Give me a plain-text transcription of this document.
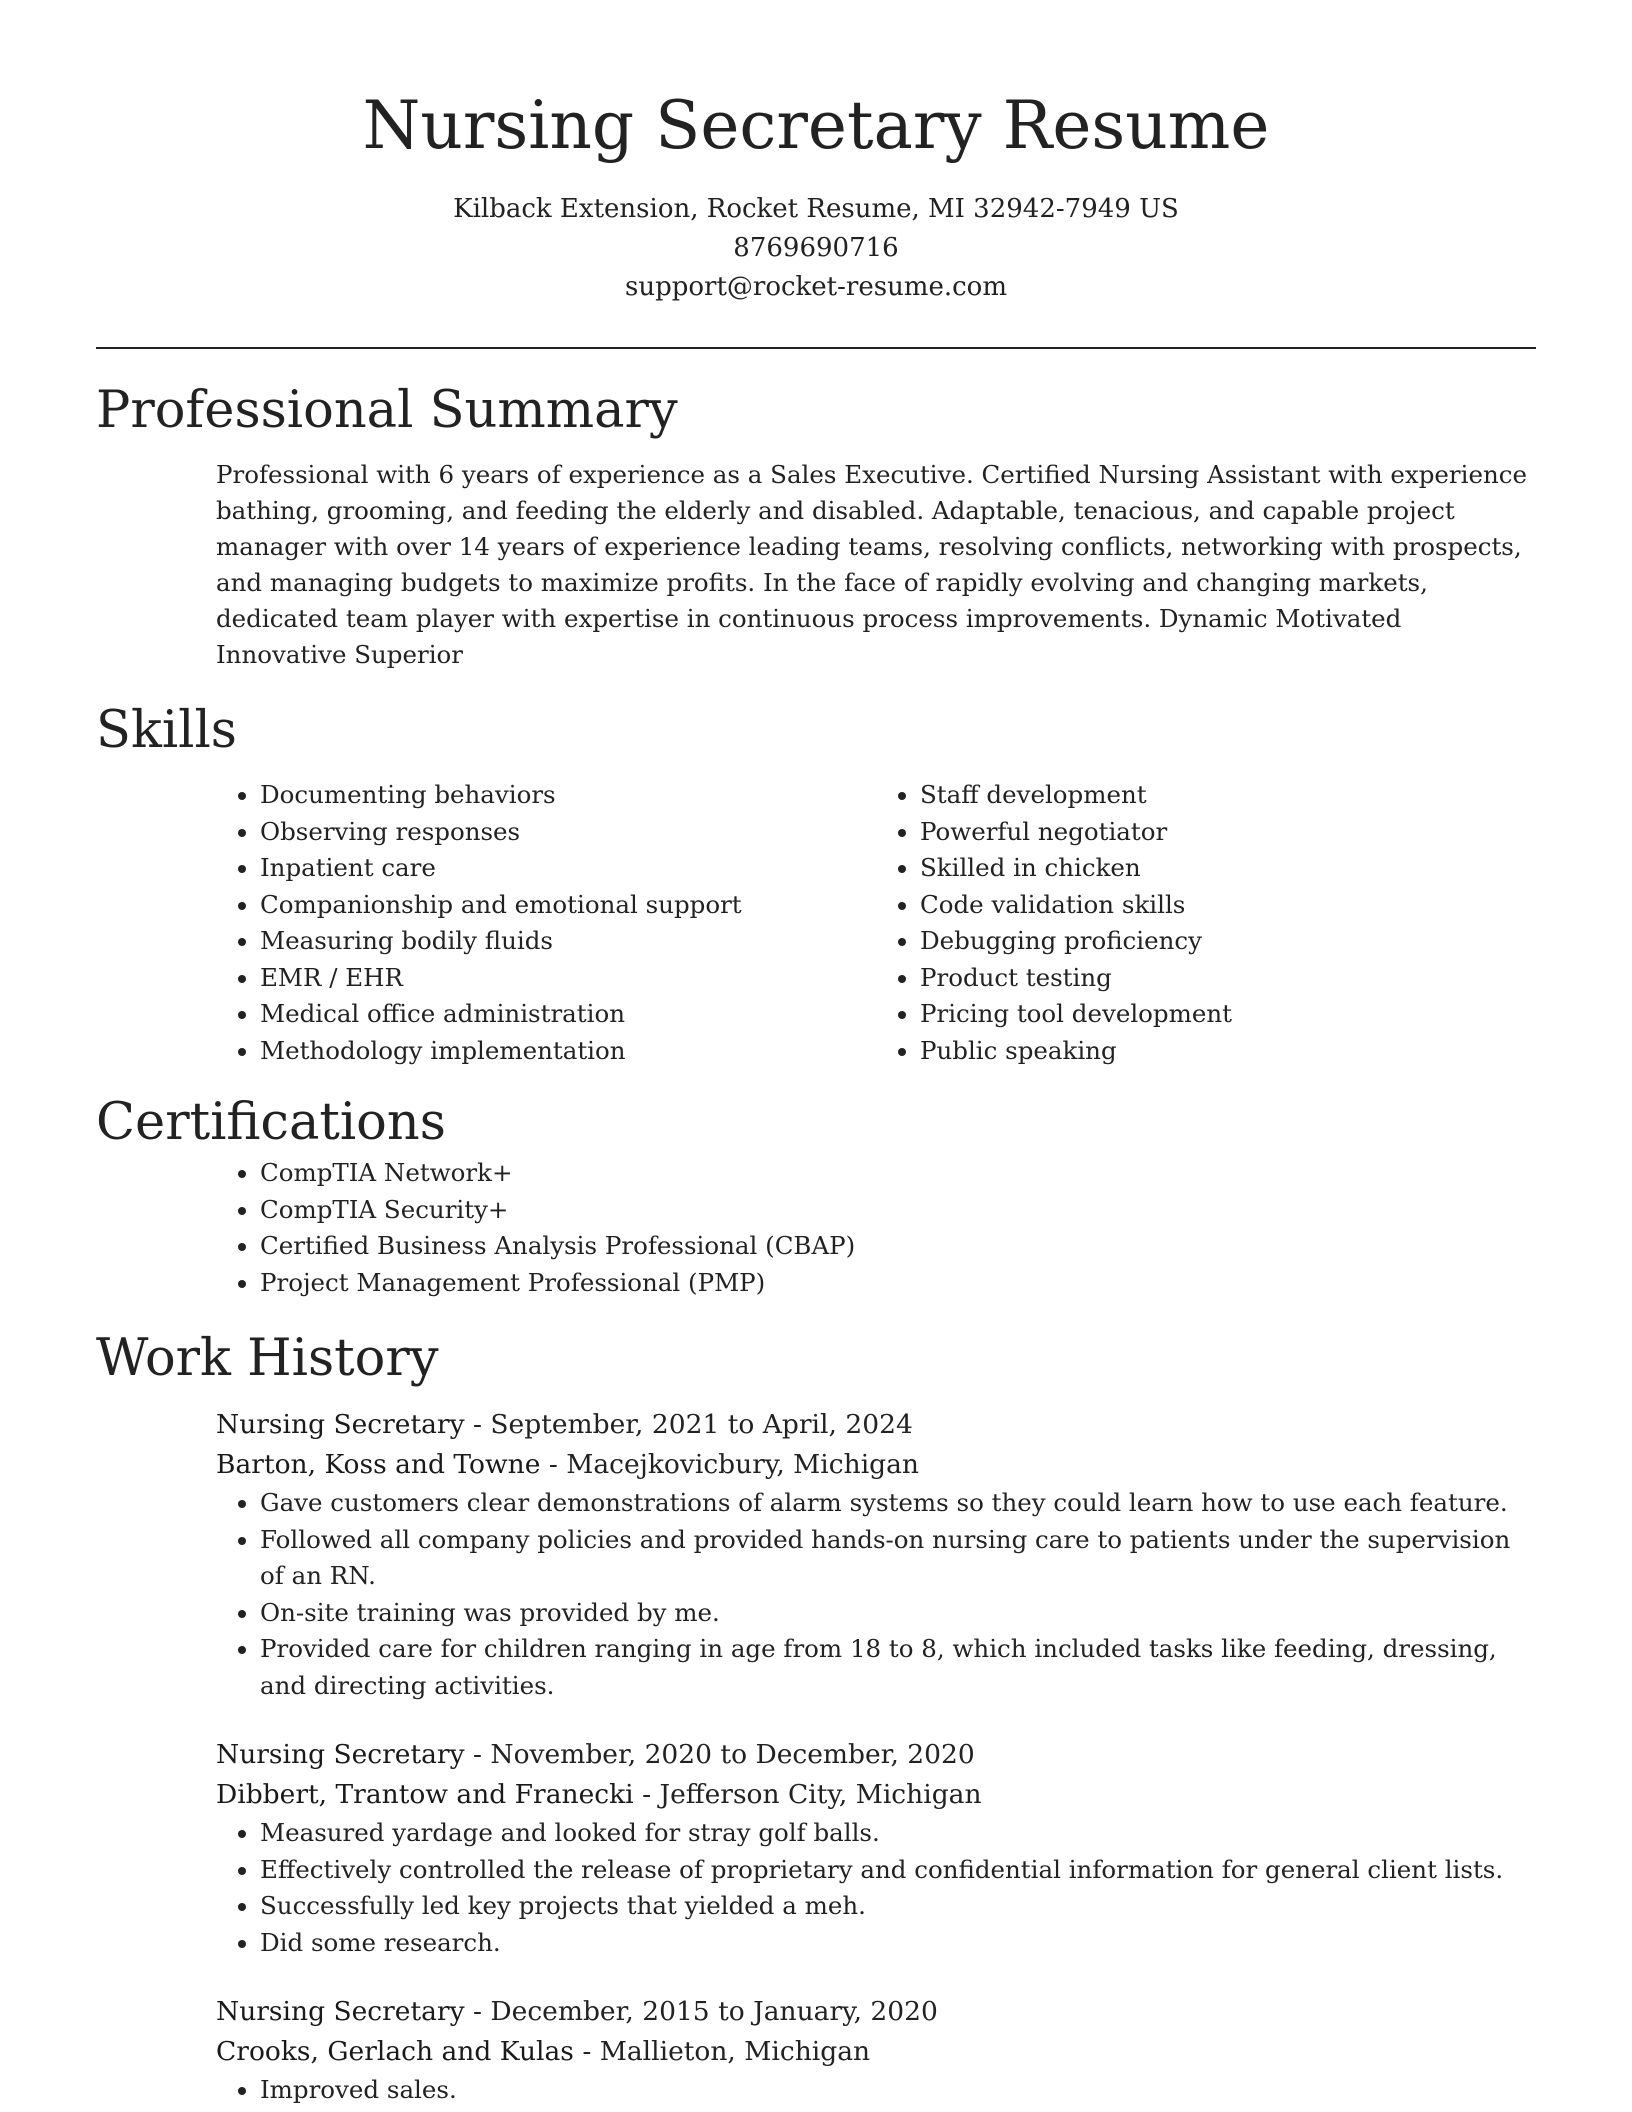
Nursing Secretary Resume
Kilback Extension, Rocket Resume, MI 32942-7949 US
8769690716
support@rocket-resume.com
Professional Summary

Professional with 6 years of experience as a Sales Executive. Certified Nursing Assistant with experience bathing, grooming, and feeding the elderly and disabled. Adaptable, tenacious, and capable project manager with over 14 years of experience leading teams, resolving conflicts, networking with prospects, and managing budgets to maximize profits. In the face of rapidly evolving and changing markets, dedicated team player with expertise in continuous process improvements. Dynamic Motivated Innovative Superior

Skills
• Documenting behaviors
• Observing responses
• Inpatient care
• Companionship and emotional support
• Measuring bodily fluids
• EMR / EHR
• Medical office administration
• Methodology implementation
• Staff development
• Powerful negotiator
• Skilled in chicken
• Code validation skills
• Debugging proficiency
• Product testing
• Pricing tool development
• Public speaking
Certifications
• CompTIA Network+
• CompTIA Security+
• Certified Business Analysis Professional (CBAP)
• Project Management Professional (PMP)
Work History
Nursing Secretary - September, 2021 to April, 2024
Barton, Koss and Towne - Macejkovicbury, Michigan
• Gave customers clear demonstrations of alarm systems so they could learn how to use each feature.
• Followed all company policies and provided hands-on nursing care to patients under the supervision of an RN.
• On-site training was provided by me.
• Provided care for children ranging in age from 18 to 8, which included tasks like feeding, dressing, and directing activities.
Nursing Secretary - November, 2020 to December, 2020
Dibbert, Trantow and Franecki - Jefferson City, Michigan
• Measured yardage and looked for stray golf balls.
• Effectively controlled the release of proprietary and confidential information for general client lists.
• Successfully led key projects that yielded a meh.
• Did some research.
Nursing Secretary - December, 2015 to January, 2020
Crooks, Gerlach and Kulas - Mallieton, Michigan
• Improved sales.
